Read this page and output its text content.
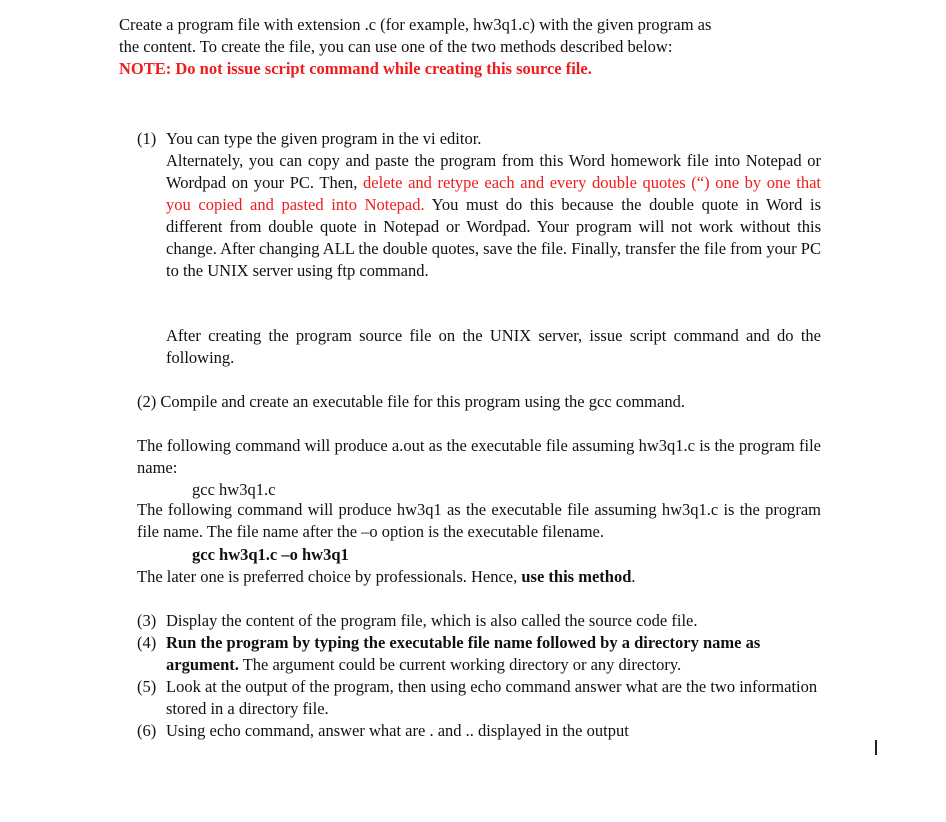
Create a program file with extension .c (for example, hw3q1.c) with the given program as

the content. To create the file, you can use one of the two methods described below:

NOTE: Do not issue script command while creating this source file.

(1) You can type the given program in the vi editor.

Alternately, you can copy and paste the program from this Word homework file into Notepad or Wordpad on your PC. Then, delete and retype each and every double quotes (“) one by one that you copied and pasted into Notepad. You must do this because the double quote in Word is different from double quote in Notepad or Wordpad. Your program will not work without this change. After changing ALL the double quotes, save the file. Finally, transfer the file from your PC to the UNIX server using ftp command.

After creating the program source file on the UNIX server, issue script command and do the following.

(2) Compile and create an executable file for this program using the gcc command.

The following command will produce a.out as the executable file assuming hw3q1.c is the program file name:

gcc hw3q1.c

The following command will produce hw3q1 as the executable file assuming hw3q1.c is the program file name. The file name after the –o option is the executable filename.

gcc hw3q1.c –o hw3q1

The later one is preferred choice by professionals. Hence, use this method.

(3) Display the content of the program file, which is also called the source code file.

(4) Run the program by typing the executable file name followed by a directory name as argument. The argument could be current working directory or any directory.

(5) Look at the output of the program, then using echo command answer what are the two information stored in a directory file.

(6) Using echo command, answer what are . and .. displayed in the output
